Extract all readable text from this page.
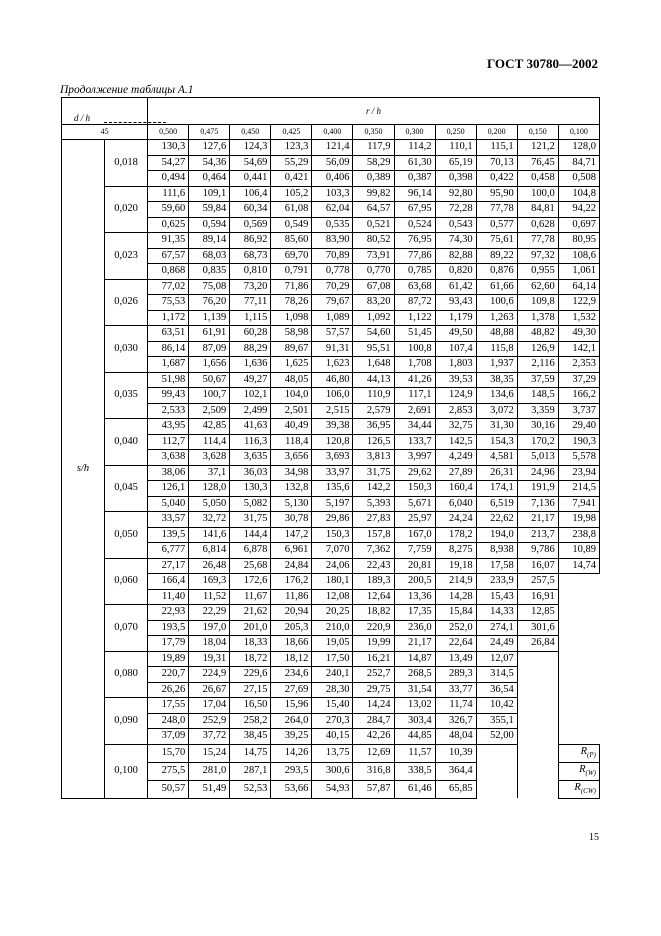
ГОСТ 30780—2002
Продолжение таблицы А.1
d / h		r / h										
45		0,500	0,475	0,450	0,425	0,400	0,350	0,300	0,250	0,200	0,150	0,100
s/h	0,018	130,3	127,6	124,3	123,3	121,4	117,9	114,2	110,1	115,1	121,2	128,0
		54,27	54,36	54,69	55,29	56,09	58,29	61,30	65,19	70,13	76,45	84,71
		0,494	0,464	0,441	0,421	0,406	0,389	0,387	0,398	0,422	0,458	0,508
	0,020	111,6	109,1	106,4	105,2	103,3	99,82	96,14	92,80	95,90	100,0	104,8
		59,60	59,84	60,34	61,08	62,04	64,57	67,95	72,28	77,78	84,81	94,22
		0,625	0,594	0,569	0,549	0,535	0,521	0,524	0,543	0,577	0,628	0,697
	0,023	91,35	89,14	86,92	85,60	83,90	80,52	76,95	74,30	75,61	77,78	80,95
		67,57	68,03	68,73	69,70	70,89	73,91	77,86	82,88	89,22	97,32	108,6
		0,868	0,835	0,810	0,791	0,778	0,770	0,785	0,820	0,876	0,955	1,061
	0,026	77,02	75,08	73,20	71,86	70,29	67,08	63,68	61,42	61,66	62,60	64,14
		75,53	76,20	77,11	78,26	79,67	83,20	87,72	93,43	100,6	109,8	122,9
		1,172	1,139	1,115	1,098	1,089	1,092	1,122	1,179	1,263	1,378	1,532
	0,030	63,51	61,91	60,28	58,98	57,57	54,60	51,45	49,50	48,88	48,82	49,30
		86,14	87,09	88,29	89,67	91,31	95,51	100,8	107,4	115,8	126,9	142,1
		1,687	1,656	1,636	1,625	1,623	1,648	1,708	1,803	1,937	2,116	2,353
	0,035	51,98	50,67	49,27	48,05	46,80	44,13	41,26	39,53	38,35	37,59	37,29
		99,43	100,7	102,1	104,0	106,0	110,9	117,1	124,9	134,6	148,5	166,2
		2,533	2,509	2,499	2,501	2,515	2,579	2,691	2,853	3,072	3,359	3,737
	0,040	43,95	42,85	41,63	40,49	39,38	36,95	34,44	32,75	31,30	30,16	29,40
		112,7	114,4	116,3	118,4	120,8	126,5	133,7	142,5	154,3	170,2	190,3
		3,638	3,628	3,635	3,656	3,693	3,813	3,997	4,249	4,581	5,013	5,578
	0,045	38,06	37,1	36,03	34,98	33,97	31,75	29,62	27,89	26,31	24,96	23,94
		126,1	128,0	130,3	132,8	135,6	142,2	150,3	160,4	174,1	191,9	214,5
		5,040	5,050	5,082	5,130	5,197	5,393	5,671	6,040	6,519	7,136	7,941
	0,050	33,57	32,72	31,75	30,78	29,86	27,83	25,97	24,24	22,62	21,17	19,98
		139,5	141,6	144,4	147,2	150,3	157,8	167,0	178,2	194,0	213,7	238,8
		6,777	6,814	6,878	6,961	7,070	7,362	7,759	8,275	8,938	9,786	10,89
	0,060	27,17	26,48	25,68	24,84	24,06	22,43	20,81	19,18	17,58	16,07	14,74
		166,4	169,3	172,6	176,2	180,1	189,3	200,5	214,9	233,9	257,5	
		11,40	11,52	11,67	11,86	12,08	12,64	13,36	14,28	15,43	16,91	
	0,070	22,93	22,29	21,62	20,94	20,25	18,82	17,35	15,84	14,33	12,85	
		193,5	197,0	201,0	205,3	210,0	220,9	236,0	252,0	274,1	301,6	
		17,79	18,04	18,33	18,66	19,05	19,99	21,17	22,64	24,49	26,84	
	0,080	19,89	19,31	18,72	18,12	17,50	16,21	14,87	13,49	12,07		
		220,7	224,9	229,6	234,6	240,1	252,7	268,5	289,3	314,5		
		26,26	26,67	27,15	27,69	28,30	29,75	31,54	33,77	36,54		
	0,090	17,55	17,04	16,50	15,96	15,40	14,24	13,02	11,74	10,42		
		248,0	252,9	258,2	264,0	270,3	284,7	303,4	326,7	355,1		
		37,09	37,72	38,45	39,25	40,15	42,26	44,85	48,04	52,00		
	0,100	15,70	15,24	14,75	14,26	13,75	12,69	11,57	10,39			$R_{(P)}$
		275,5	281,0	287,1	293,5	300,6	316,8	338,5	364,4			$R_{(W)}$
		50,57	51,49	52,53	53,66	54,93	57,87	61,46	65,85			$R_{(CW)}$
15
